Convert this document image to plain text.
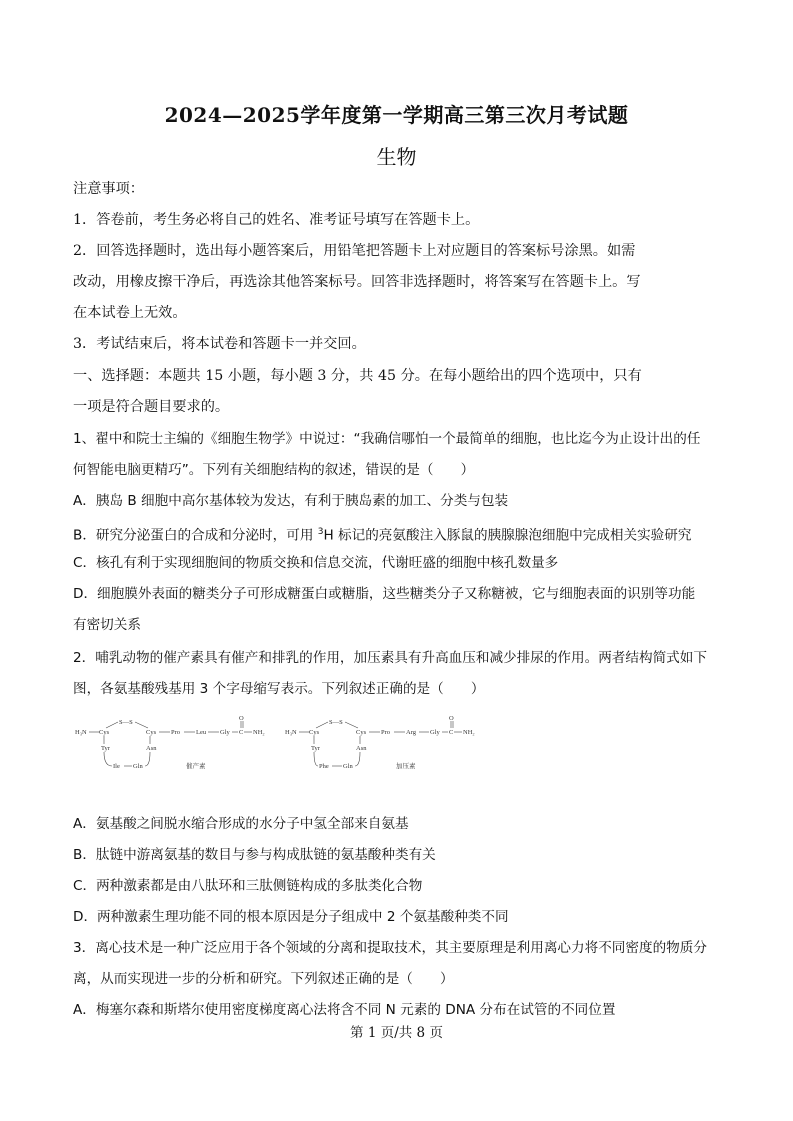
2024—2025学年度第一学期高三第三次月考试题
生物
注意事项：
1．答卷前，考生务必将自己的姓名、准考证号填写在答题卡上。
2．回答选择题时，选出每小题答案后，用铅笔把答题卡上对应题目的答案标号涂黑。如需
改动，用橡皮擦干净后，再选涂其他答案标号。回答非选择题时，将答案写在答题卡上。写
在本试卷上无效。
3．考试结束后，将本试卷和答题卡一并交回。
一、选择题：本题共 15 小题，每小题 3 分，共 45 分。在每小题给出的四个选项中，只有
一项是符合题目要求的。
1、翟中和院士主编的《细胞生物学》中说过：“我确信哪怕一个最简单的细胞，也比迄今为止设计出的任
何智能电脑更精巧”。下列有关细胞结构的叙述，错误的是（　　）
A．胰岛 B 细胞中高尔基体较为发达，有利于胰岛素的加工、分类与包装
B．研究分泌蛋白的合成和分泌时，可用 $^3$H 标记的亮氨酸注入豚鼠的胰腺腺泡细胞中完成相关实验研究
C．核孔有利于实现细胞间的物质交换和信息交流，代谢旺盛的细胞中核孔数量多
D．细胞膜外表面的糖类分子可形成糖蛋白或糖脂，这些糖类分子又称糖被，它与细胞表面的识别等功能
有密切关系
2．哺乳动物的催产素具有催产和排乳的作用，加压素具有升高血压和减少排尿的作用。两者结构简式如下
图，各氨基酸残基用 3 个字母缩写表示。下列叙述正确的是（　　）
H₃N Cys
S—S
Cys
Tyr	Asn
Ile Gln
Pro Leu Gly C
O
NH₂
催产素
H₃N Cys
S—S
Cys
Tyr	Asn
Phe Gln
Pro Arg Gly C
O
NH₂
加压素
A．氨基酸之间脱水缩合形成的水分子中氢全部来自氨基
B．肽链中游离氨基的数目与参与构成肽链的氨基酸种类有关
C．两种激素都是由八肽环和三肽侧链构成的多肽类化合物
D．两种激素生理功能不同的根本原因是分子组成中 2 个氨基酸种类不同
3．离心技术是一种广泛应用于各个领域的分离和提取技术，其主要原理是利用离心力将不同密度的物质分
离，从而实现进一步的分析和研究。下列叙述正确的是（　　）
A．梅塞尔森和斯塔尔使用密度梯度离心法将含不同 N 元素的 DNA 分布在试管的不同位置
第 1 页/共 8 页
